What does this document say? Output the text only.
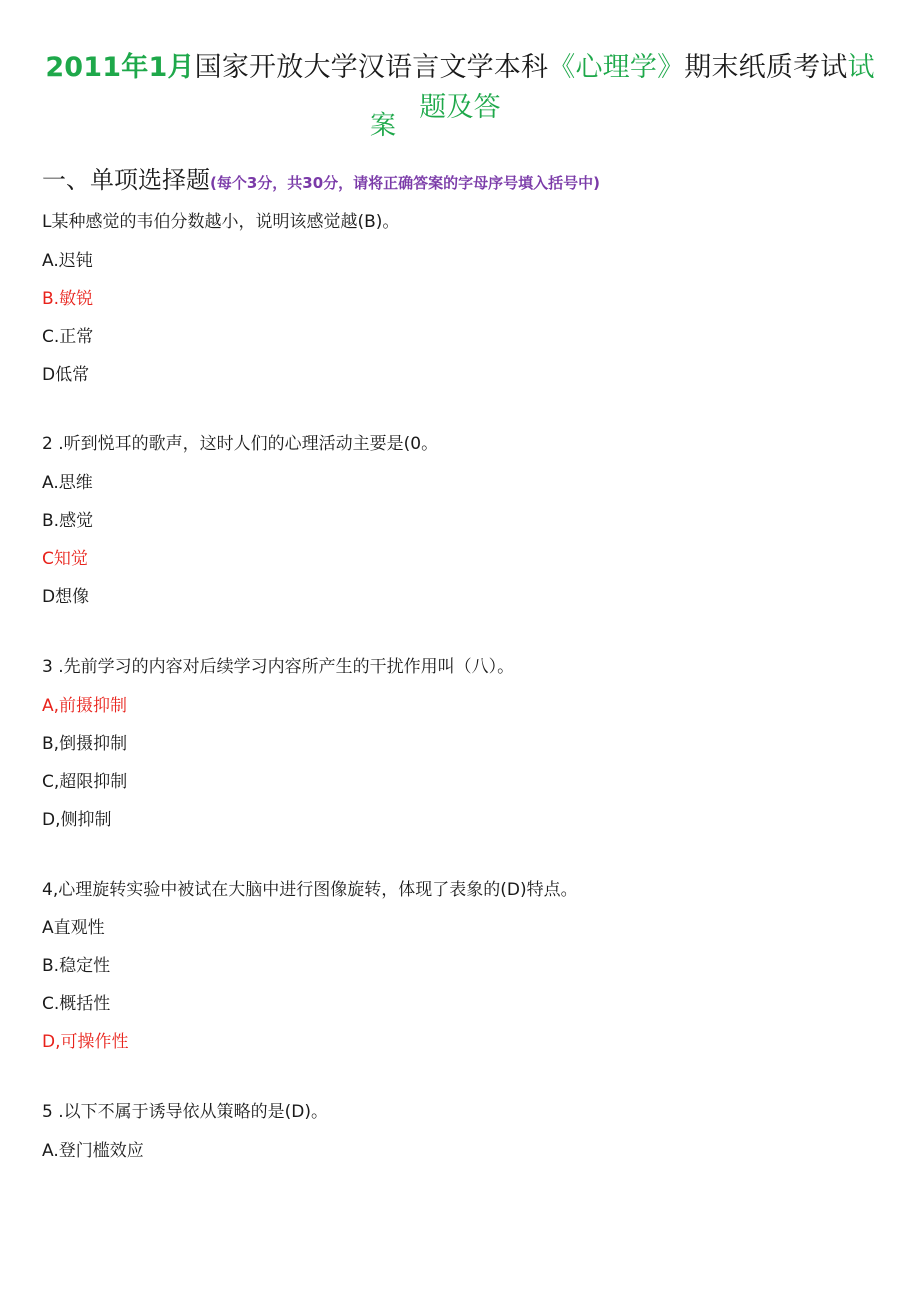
2011年1月国家开放大学汉语言文学本科《心理学》期末纸质考试试题及答
案
一、单项选择题(每个3分，共30分，请将正确答案的字母序号填入括号中)
L某种感觉的韦伯分数越小，说明该感觉越(B)。
A.迟钝
B.敏锐
C.正常
D低常
2 .听到悦耳的歌声，这时人们的心理活动主要是(0。
A.思维
B.感觉
C知觉
D想像
3 .先前学习的内容对后续学习内容所产生的干扰作用叫（八）。
A,前摄抑制
B,倒摄抑制
C,超限抑制
D,侧抑制
4,心理旋转实验中被试在大脑中进行图像旋转，体现了表象的(D)特点。
A直观性
B.稳定性
C.概括性
D,可操作性
5 .以下不属于诱导依从策略的是(D)。
A.登门槛效应
